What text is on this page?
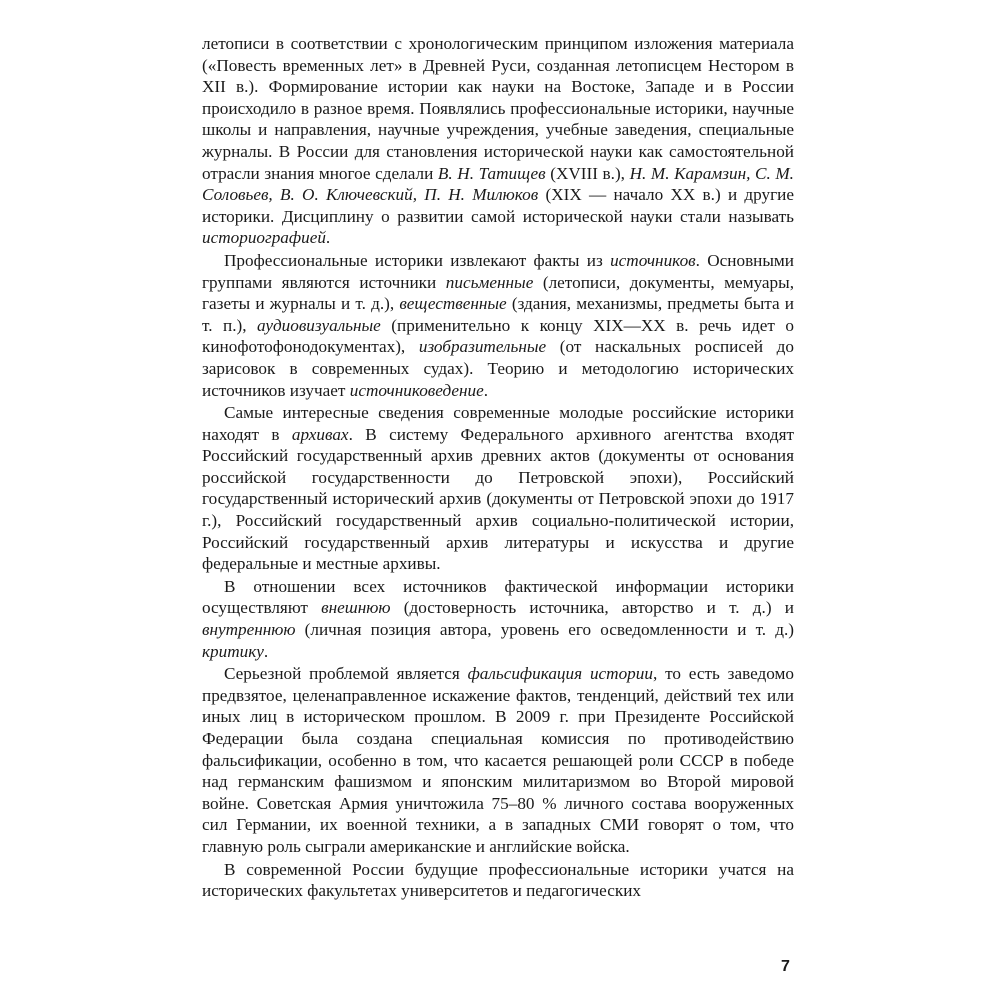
летописи в соответствии с хронологическим принципом изложения материала («Повесть временных лет» в Древней Руси, созданная летописцем Нестором в XII в.). Формирование истории как науки на Востоке, Западе и в России происходило в разное время. Появлялись профессиональные историки, научные школы и направления, научные учреждения, учебные заведения, специальные журналы. В России для становления исторической науки как самостоятельной отрасли знания многое сделали В. Н. Татищев (XVIII в.), Н. М. Карамзин, С. М. Соловьев, В. О. Ключевский, П. Н. Милюков (XIX — начало XX в.) и другие историки. Дисциплину о развитии самой исторической науки стали называть историографией.

Профессиональные историки извлекают факты из источников. Основными группами являются источники письменные (летописи, документы, мемуары, газеты и журналы и т. д.), вещественные (здания, механизмы, предметы быта и т. п.), аудиовизуальные (применительно к концу XIX—XX в. речь идет о кинофотофонодокументах), изобразительные (от наскальных росписей до зарисовок в современных судах). Теорию и методологию исторических источников изучает источниковедение.

Самые интересные сведения современные молодые российские историки находят в архивах. В систему Федерального архивного агентства входят Российский государственный архив древних актов (документы от основания российской государственности до Петровской эпохи), Российский государственный исторический архив (документы от Петровской эпохи до 1917 г.), Российский государственный архив социально-политической истории, Российский государственный архив литературы и искусства и другие федеральные и местные архивы.

В отношении всех источников фактической информации историки осуществляют внешнюю (достоверность источника, авторство и т. д.) и внутреннюю (личная позиция автора, уровень его осведомленности и т. д.) критику.

Серьезной проблемой является фальсификация истории, то есть заведомо предвзятое, целенаправленное искажение фактов, тенденций, действий тех или иных лиц в историческом прошлом. В 2009 г. при Президенте Российской Федерации была создана специальная комиссия по противодействию фальсификации, особенно в том, что касается решающей роли СССР в победе над германским фашизмом и японским милитаризмом во Второй мировой войне. Советская Армия уничтожила 75–80 % личного состава вооруженных сил Германии, их военной техники, а в западных СМИ говорят о том, что главную роль сыграли американские и английские войска.

В современной России будущие профессиональные историки учатся на исторических факультетах университетов и педагогических

7
